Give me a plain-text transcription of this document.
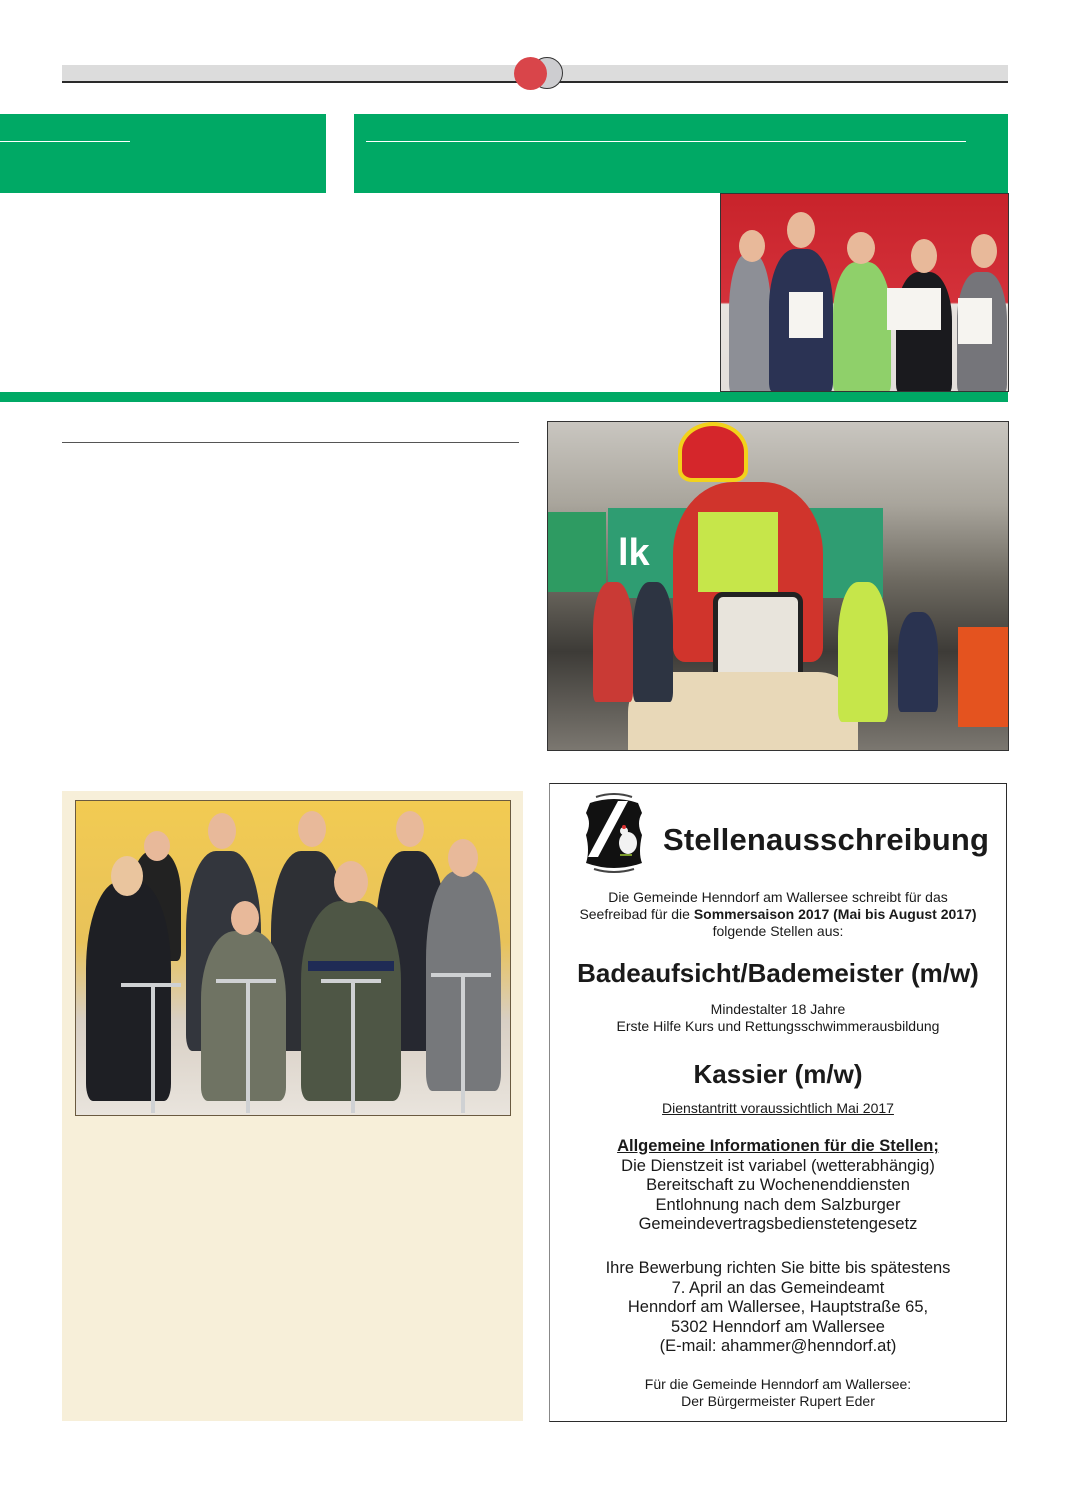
lk
Stellenausschreibung
Die Gemeinde Henndorf am Wallersee schreibt für das
Seefreibad für die Sommersaison 2017 (Mai bis August 2017)
folgende Stellen aus:
Badeaufsicht/Bademeister (m/w)
Mindestalter 18 Jahre
Erste Hilfe Kurs und Rettungsschwimmerausbildung
Kassier (m/w)
Dienstantritt voraussichtlich Mai 2017
Allgemeine Informationen für die Stellen;
Die Dienstzeit ist variabel (wetterabhängig)
Bereitschaft zu Wochenenddiensten
Entlohnung nach dem Salzburger
Gemeindevertragsbedienstetengesetz
Ihre Bewerbung richten Sie bitte bis spätestens
7. April an das Gemeindeamt
Henndorf am Wallersee, Hauptstraße 65,
5302 Henndorf am Wallersee
(E-mail: ahammer@henndorf.at)
Für die Gemeinde Henndorf am Wallersee:
Der Bürgermeister Rupert Eder
